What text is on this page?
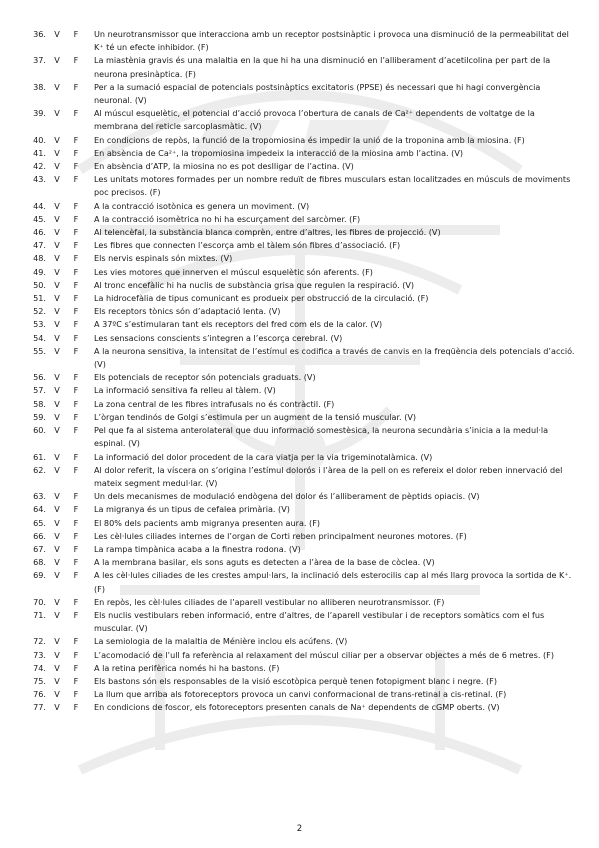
36.	V	F	Un neurotransmissor que interacciona amb un receptor postsinàptic i provoca una disminució de la permeabilitat del K⁺ té un efecte inhibidor. (F)
37.	V	F	La miastènia gravis és una malaltia en la que hi ha una disminució en l’alliberament d’acetilcolina per part de la neurona presinàptica. (F)
38.	V	F	Per a la sumació espacial de potencials postsinàptics excitatoris (PPSE) és necessari que hi hagi convergència neuronal. (V)
39.	V	F	Al múscul esquelètic, el potencial d’acció provoca l’obertura de canals de Ca²⁺ dependents de voltatge de la membrana del reticle sarcoplasmàtic. (V)
40.	V	F	En condicions de repòs, la funció de la tropomiosina és impedir la unió de la troponina amb la miosina. (F)
41.	V	F	En absència de Ca²⁺, la tropomiosina impedeix la interacció de la miosina amb l’actina. (V)
42.	V	F	En absència d’ATP, la miosina no es pot deslligar de l’actina. (V)
43.	V	F	Les unitats motores formades per un nombre reduït de fibres musculars estan localitzades en músculs de moviments poc precisos. (F)
44.	V	F	A la contracció isotònica es genera un moviment. (V)
45.	V	F	A la contracció isomètrica no hi ha escurçament del sarcòmer. (F)
46.	V	F	Al telencèfal, la substància blanca comprèn, entre d’altres, les fibres de projecció. (V)
47.	V	F	Les fibres que connecten l’escorça amb el tàlem són fibres d’associació. (F)
48.	V	F	Els nervis espinals són mixtes. (V)
49.	V	F	Les vies motores que innerven el múscul esquelètic són aferents. (F)
50.	V	F	Al tronc encefàlic hi ha nuclis de substància grisa que regulen la respiració. (V)
51.	V	F	La hidrocefàlia de tipus comunicant es produeix per obstrucció de la circulació. (F)
52.	V	F	Els receptors tònics són d’adaptació lenta. (V)
53.	V	F	A 37ºC s’estimularan tant els receptors del fred com els de la calor. (V)
54.	V	F	Les sensacions conscients s’integren a l’escorça cerebral. (V)
55.	V	F	A la neurona sensitiva, la intensitat de l’estímul es codifica a través de canvis en la freqüència dels potencials d’acció. (V)
56.	V	F	Els potencials de receptor són potencials graduats. (V)
57.	V	F	La informació sensitiva fa relleu al tàlem. (V)
58.	V	F	La zona central de les fibres intrafusals no és contràctil. (F)
59.	V	F	L’òrgan tendinós de Golgi s’estimula per un augment de la tensió muscular. (V)
60.	V	F	Pel que fa al sistema anterolateral que duu informació somestèsica, la neurona secundària s’inicia a la medul·la espinal. (V)
61.	V	F	La informació del dolor procedent de la cara viatja per la via trigeminotalàmica. (V)
62.	V	F	Al dolor referit, la víscera on s’origina l’estímul dolorós i l’àrea de la pell on es refereix el dolor reben innervació del mateix segment medul·lar. (V)
63.	V	F	Un dels mecanismes de modulació endògena del dolor és l’alliberament de pèptids opiacis. (V)
64.	V	F	La migranya és un tipus de cefalea primària. (V)
65.	V	F	El 80% dels pacients amb migranya presenten aura. (F)
66.	V	F	Les cèl·lules ciliades internes de l’organ de Corti reben principalment neurones motores. (F)
67.	V	F	La rampa timpànica acaba a la finestra rodona. (V)
68.	V	F	A la membrana basilar, els sons aguts es detecten a l’àrea de la base de còclea. (V)
69.	V	F	A les cèl·lules ciliades de les crestes ampul·lars, la inclinació dels esterocilis cap al més llarg provoca la sortida de K⁺. (F)
70.	V	F	En repòs, les cèl·lules ciliades de l’aparell vestibular no alliberen neurotransmissor. (F)
71.	V	F	Els nuclis vestibulars reben informació, entre d’altres, de l’aparell vestibular i de receptors somàtics com el fus muscular. (V)
72.	V	F	La semiologia de la malaltia de Ménière inclou els acúfens. (V)
73.	V	F	L’acomodació de l’ull fa referència al relaxament del múscul ciliar per a observar objectes a més de 6 metres. (F)
74.	V	F	A la retina perifèrica només hi ha bastons. (F)
75.	V	F	Els bastons són els responsables de la visió escotòpica perquè tenen fotopigment blanc i negre. (F)
76.	V	F	La llum que arriba als fotoreceptors provoca un canvi conformacional de trans-retinal a cis-retinal. (F)
77.	V	F	En condicions de foscor, els fotoreceptors presenten canals de Na⁺ dependents de cGMP oberts. (V)
2
